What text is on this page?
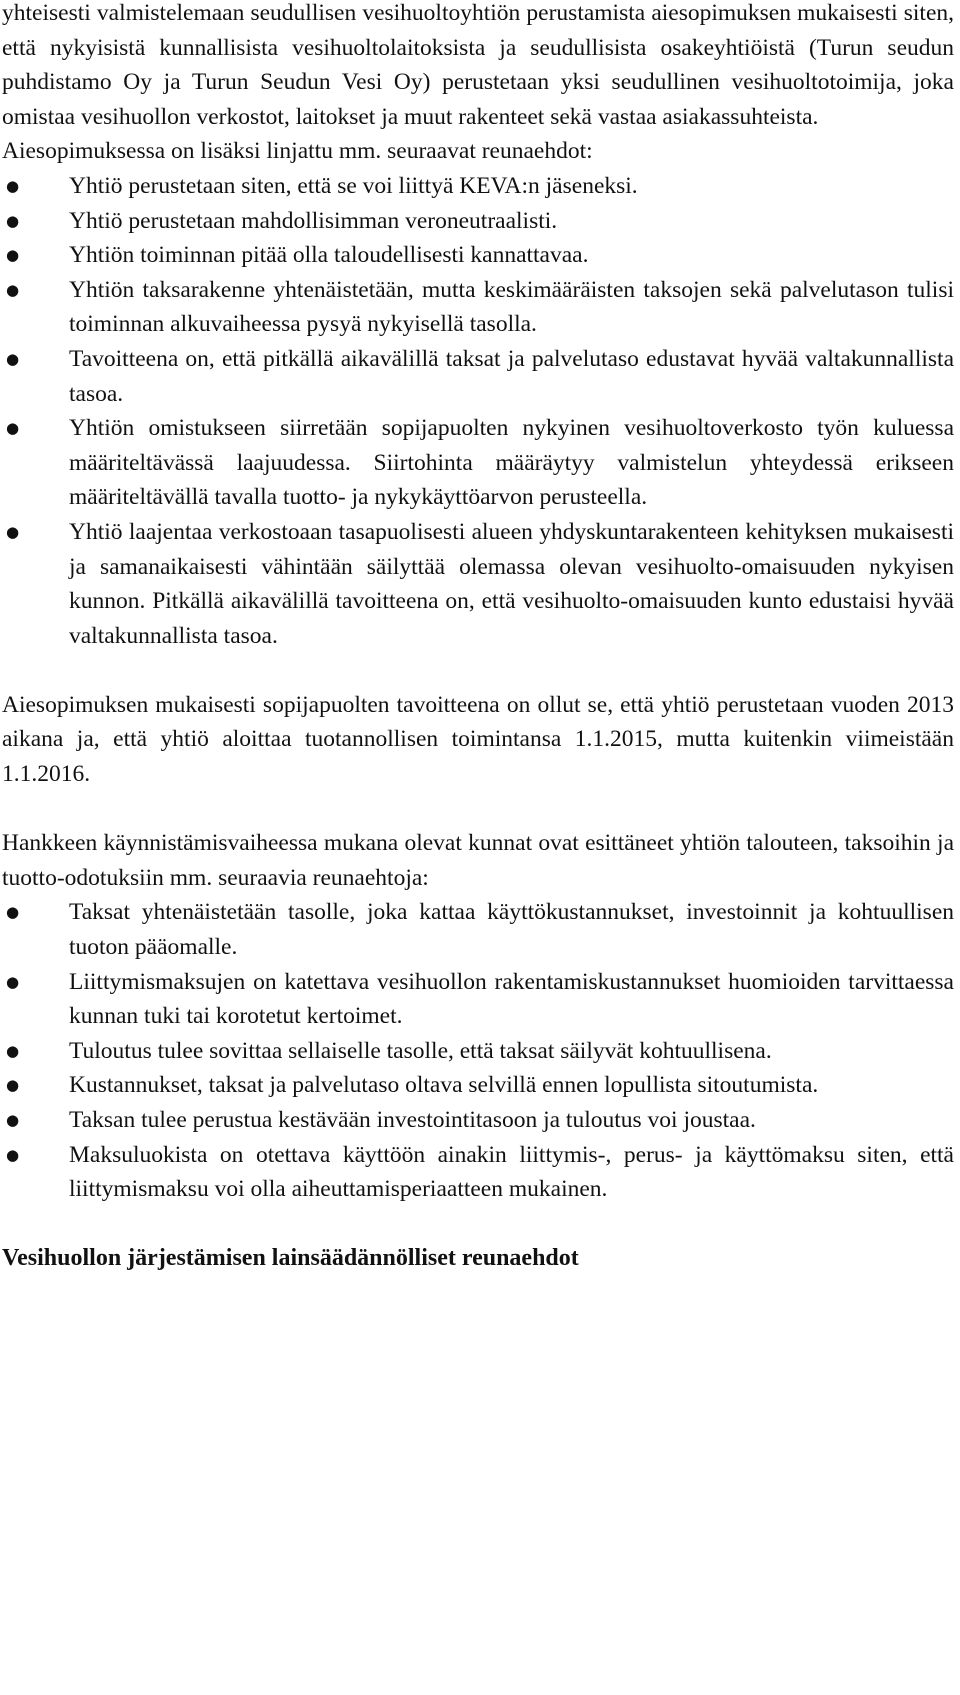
yhteisesti valmistelemaan seudullisen vesihuoltoyhtiön perustamista aiesopimuksen mukaisesti siten, että nykyisistä kunnallisista vesihuoltolaitoksista ja seudullisista osakeyhtiöistä (Turun seudun puhdistamo Oy ja Turun Seudun Vesi Oy) perustetaan yksi seudullinen vesihuoltotoimija, joka omistaa vesihuollon verkostot, laitokset ja muut rakenteet sekä vastaa asiakassuhteista.

Aiesopimuksessa on lisäksi linjattu mm. seuraavat reunaehdot:

● Yhtiö perustetaan siten, että se voi liittyä KEVA:n jäseneksi.
● Yhtiö perustetaan mahdollisimman veroneutraalisti.
● Yhtiön toiminnan pitää olla taloudellisesti kannattavaa.
● Yhtiön taksarakenne yhtenäistetään, mutta keskimääräisten taksojen sekä palvelutason tulisi toiminnan alkuvaiheessa pysyä nykyisellä tasolla.
● Tavoitteena on, että pitkällä aikavälillä taksat ja palvelutaso edustavat hyvää valtakunnallista tasoa.
● Yhtiön omistukseen siirretään sopijapuolten nykyinen vesihuoltoverkosto työn kuluessa määriteltävässä laajuudessa. Siirtohinta määräytyy valmistelun yhteydessä erikseen määriteltävällä tavalla tuotto- ja nykykäyttöarvon perusteella.
● Yhtiö laajentaa verkostoaan tasapuolisesti alueen yhdyskuntarakenteen kehityksen mukaisesti ja samanaikaisesti vähintään säilyttää olemassa olevan vesihuolto-omaisuuden nykyisen kunnon. Pitkällä aikavälillä tavoitteena on, että vesihuolto-omaisuuden kunto edustaisi hyvää valtakunnallista tasoa.

Aiesopimuksen mukaisesti sopijapuolten tavoitteena on ollut se, että yhtiö perustetaan vuoden 2013 aikana ja, että yhtiö aloittaa tuotannollisen toimintansa 1.1.2015, mutta kuitenkin viimeistään 1.1.2016.

Hankkeen käynnistämisvaiheessa mukana olevat kunnat ovat esittäneet yhtiön talouteen, taksoihin ja tuotto-odotuksiin mm. seuraavia reunaehtoja:

● Taksat yhtenäistetään tasolle, joka kattaa käyttökustannukset, investoinnit ja kohtuullisen tuoton pääomalle.
● Liittymismaksujen on katettava vesihuollon rakentamiskustannukset huomioiden tarvittaessa kunnan tuki tai korotetut kertoimet.
● Tuloutus tulee sovittaa sellaiselle tasolle, että taksat säilyvät kohtuullisena.
● Kustannukset, taksat ja palvelutaso oltava selvillä ennen lopullista sitoutumista.
● Taksan tulee perustua kestävään investointitasoon ja tuloutus voi joustaa.
● Maksuluokista on otettava käyttöön ainakin liittymis-, perus- ja käyttömaksu siten, että liittymismaksu voi olla aiheuttamisperiaatteen mukainen.
Vesihuollon järjestämisen lainsäädännölliset reunaehdot
